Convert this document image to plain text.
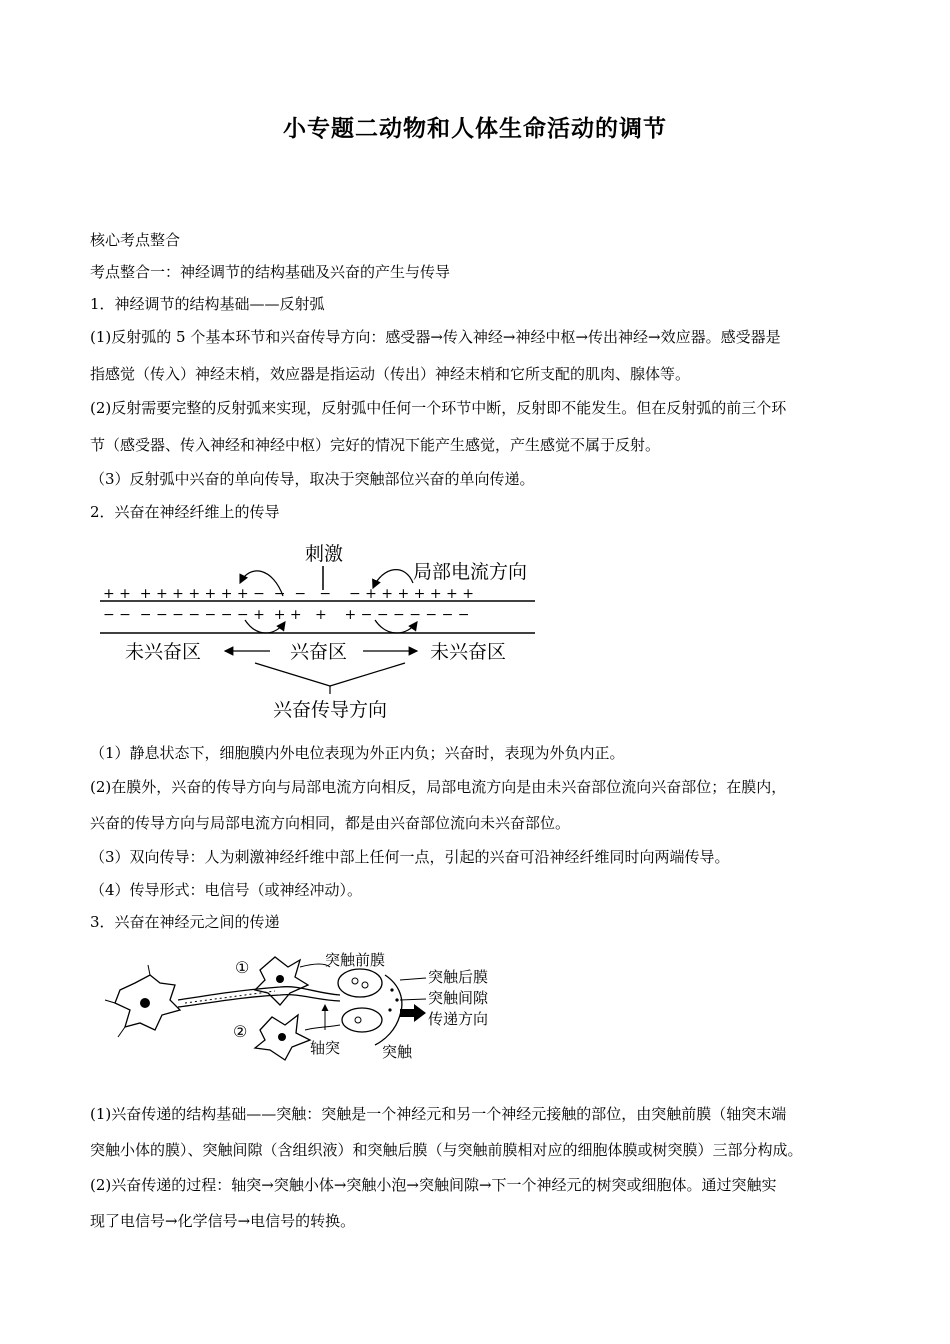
小专题二动物和人体生命活动的调节
核心考点整合
考点整合一：神经调节的结构基础及兴奋的产生与传导
1．神经调节的结构基础——反射弧
(1)反射弧的 5 个基本环节和兴奋传导方向：感受器→传入神经→神经中枢→传出神经→效应器。感受器是
指感觉（传入）神经末梢，效应器是指运动（传出）神经末梢和它所支配的肌肉、腺体等。
(2)反射需要完整的反射弧来实现，反射弧中任何一个环节中断，反射即不能发生。但在反射弧的前三个环
节（感受器、传入神经和神经中枢）完好的情况下能产生感觉，产生感觉不属于反射。
（3）反射弧中兴奋的单向传导，取决于突触部位兴奋的单向传递。
2．兴奋在神经纤维上的传导
刺激
局部电流方向
+ +  + + + + + + + −  −  −   −    − + + + + + + +
− −  − − − − − − − +  + +   +    + − − − − − − −
未兴奋区	兴奋区	未兴奋区
兴奋传导方向
（1）静息状态下，细胞膜内外电位表现为外正内负；兴奋时，表现为外负内正。
(2)在膜外，兴奋的传导方向与局部电流方向相反，局部电流方向是由未兴奋部位流向兴奋部位；在膜内，
兴奋的传导方向与局部电流方向相同，都是由兴奋部位流向未兴奋部位。
（3）双向传导：人为刺激神经纤维中部上任何一点，引起的兴奋可沿神经纤维同时向两端传导。
（4）传导形式：电信号（或神经冲动）。
3．兴奋在神经元之间的传递
①
②
突触前膜
突触后膜
突触间隙
传递方向
轴突	突触
(1)兴奋传递的结构基础——突触：突触是一个神经元和另一个神经元接触的部位，由突触前膜（轴突末端
突触小体的膜）、突触间隙（含组织液）和突触后膜（与突触前膜相对应的细胞体膜或树突膜）三部分构成。
(2)兴奋传递的过程：轴突→突触小体→突触小泡→突触间隙→下一个神经元的树突或细胞体。通过突触实
现了电信号→化学信号→电信号的转换。
